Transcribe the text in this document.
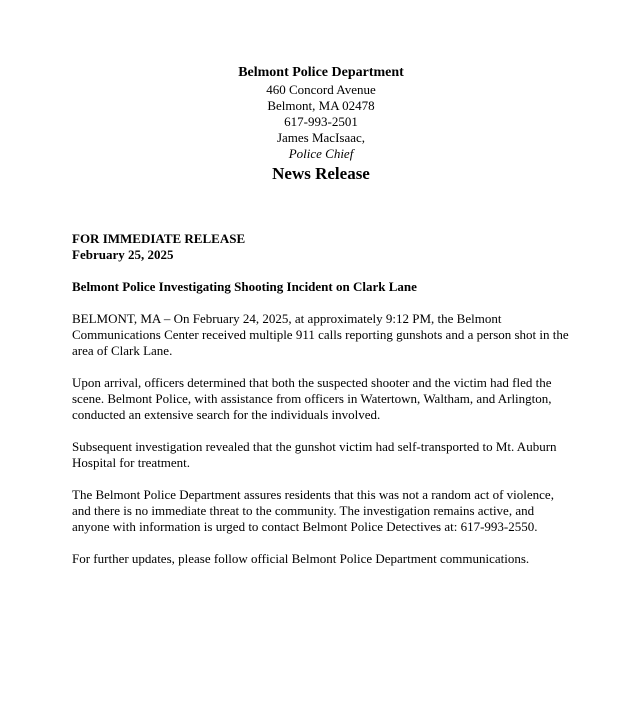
Belmont Police Department
460 Concord Avenue
Belmont, MA 02478
617-993-2501
James MacIsaac,
Police Chief
News Release
FOR IMMEDIATE RELEASE
February 25, 2025
Belmont Police Investigating Shooting Incident on Clark Lane
BELMONT, MA – On February 24, 2025, at approximately 9:12 PM, the Belmont Communications Center received multiple 911 calls reporting gunshots and a person shot in the area of Clark Lane.
Upon arrival, officers determined that both the suspected shooter and the victim had fled the scene. Belmont Police, with assistance from officers in Watertown, Waltham, and Arlington, conducted an extensive search for the individuals involved.
Subsequent investigation revealed that the gunshot victim had self-transported to Mt. Auburn Hospital for treatment.
The Belmont Police Department assures residents that this was not a random act of violence, and there is no immediate threat to the community. The investigation remains active, and anyone with information is urged to contact Belmont Police Detectives at: 617-993-2550.
For further updates, please follow official Belmont Police Department communications.
